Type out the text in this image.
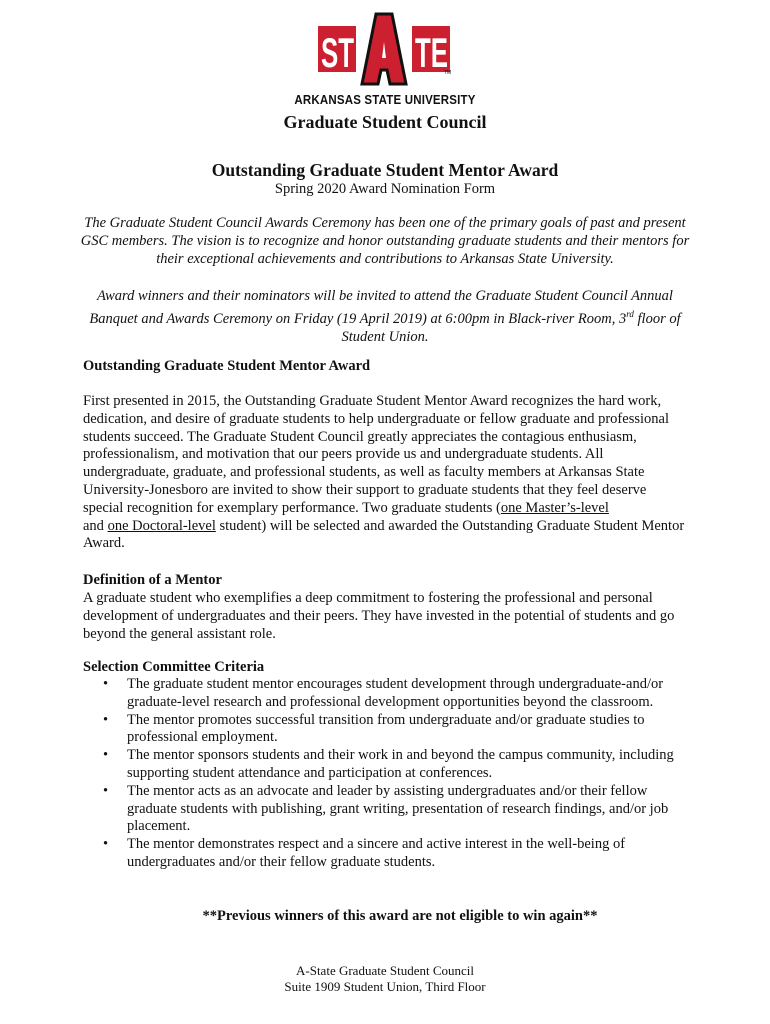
ST TE
TM
ARKANSAS STATE UNIVERSITY
Graduate Student Council
Outstanding Graduate Student Mentor Award
Spring 2020 Award Nomination Form
The Graduate Student Council Awards Ceremony has been one of the primary goals of past and present GSC members. The vision is to recognize and honor outstanding graduate students and their mentors for their exceptional achievements and contributions to Arkansas State University.
Award winners and their nominators will be invited to attend the Graduate Student Council Annual Banquet and Awards Ceremony on Friday (19 April 2019) at 6:00pm in Black-river Room, 3rd floor of Student Union.
Outstanding Graduate Student Mentor Award
First presented in 2015, the Outstanding Graduate Student Mentor Award recognizes the hard work, dedication, and desire of graduate students to help undergraduate or fellow graduate and professional students succeed. The Graduate Student Council greatly appreciates the contagious enthusiasm, professionalism, and motivation that our peers provide us and undergraduate students. All undergraduate, graduate, and professional students, as well as faculty members at Arkansas State University-Jonesboro are invited to show their support to graduate students that they feel deserve special recognition for exemplary performance. Two graduate students (one Master’s-level
and one Doctoral-level student) will be selected and awarded the Outstanding Graduate Student Mentor Award.
Definition of a Mentor
A graduate student who exemplifies a deep commitment to fostering the professional and personal development of undergraduates and their peers. They have invested in the potential of students and go beyond the general assistant role.
Selection Committee Criteria
• The graduate student mentor encourages student development through undergraduate-and/or graduate-level research and professional development opportunities beyond the classroom.
• The mentor promotes successful transition from undergraduate and/or graduate studies to professional employment.
• The mentor sponsors students and their work in and beyond the campus community, including supporting student attendance and participation at conferences.
• The mentor acts as an advocate and leader by assisting undergraduates and/or their fellow graduate students with publishing, grant writing, presentation of research findings, and/or job placement.
• The mentor demonstrates respect and a sincere and active interest in the well-being of undergraduates and/or their fellow graduate students.
**Previous winners of this award are not eligible to win again**
A-State Graduate Student Council
Suite 1909 Student Union, Third Floor
